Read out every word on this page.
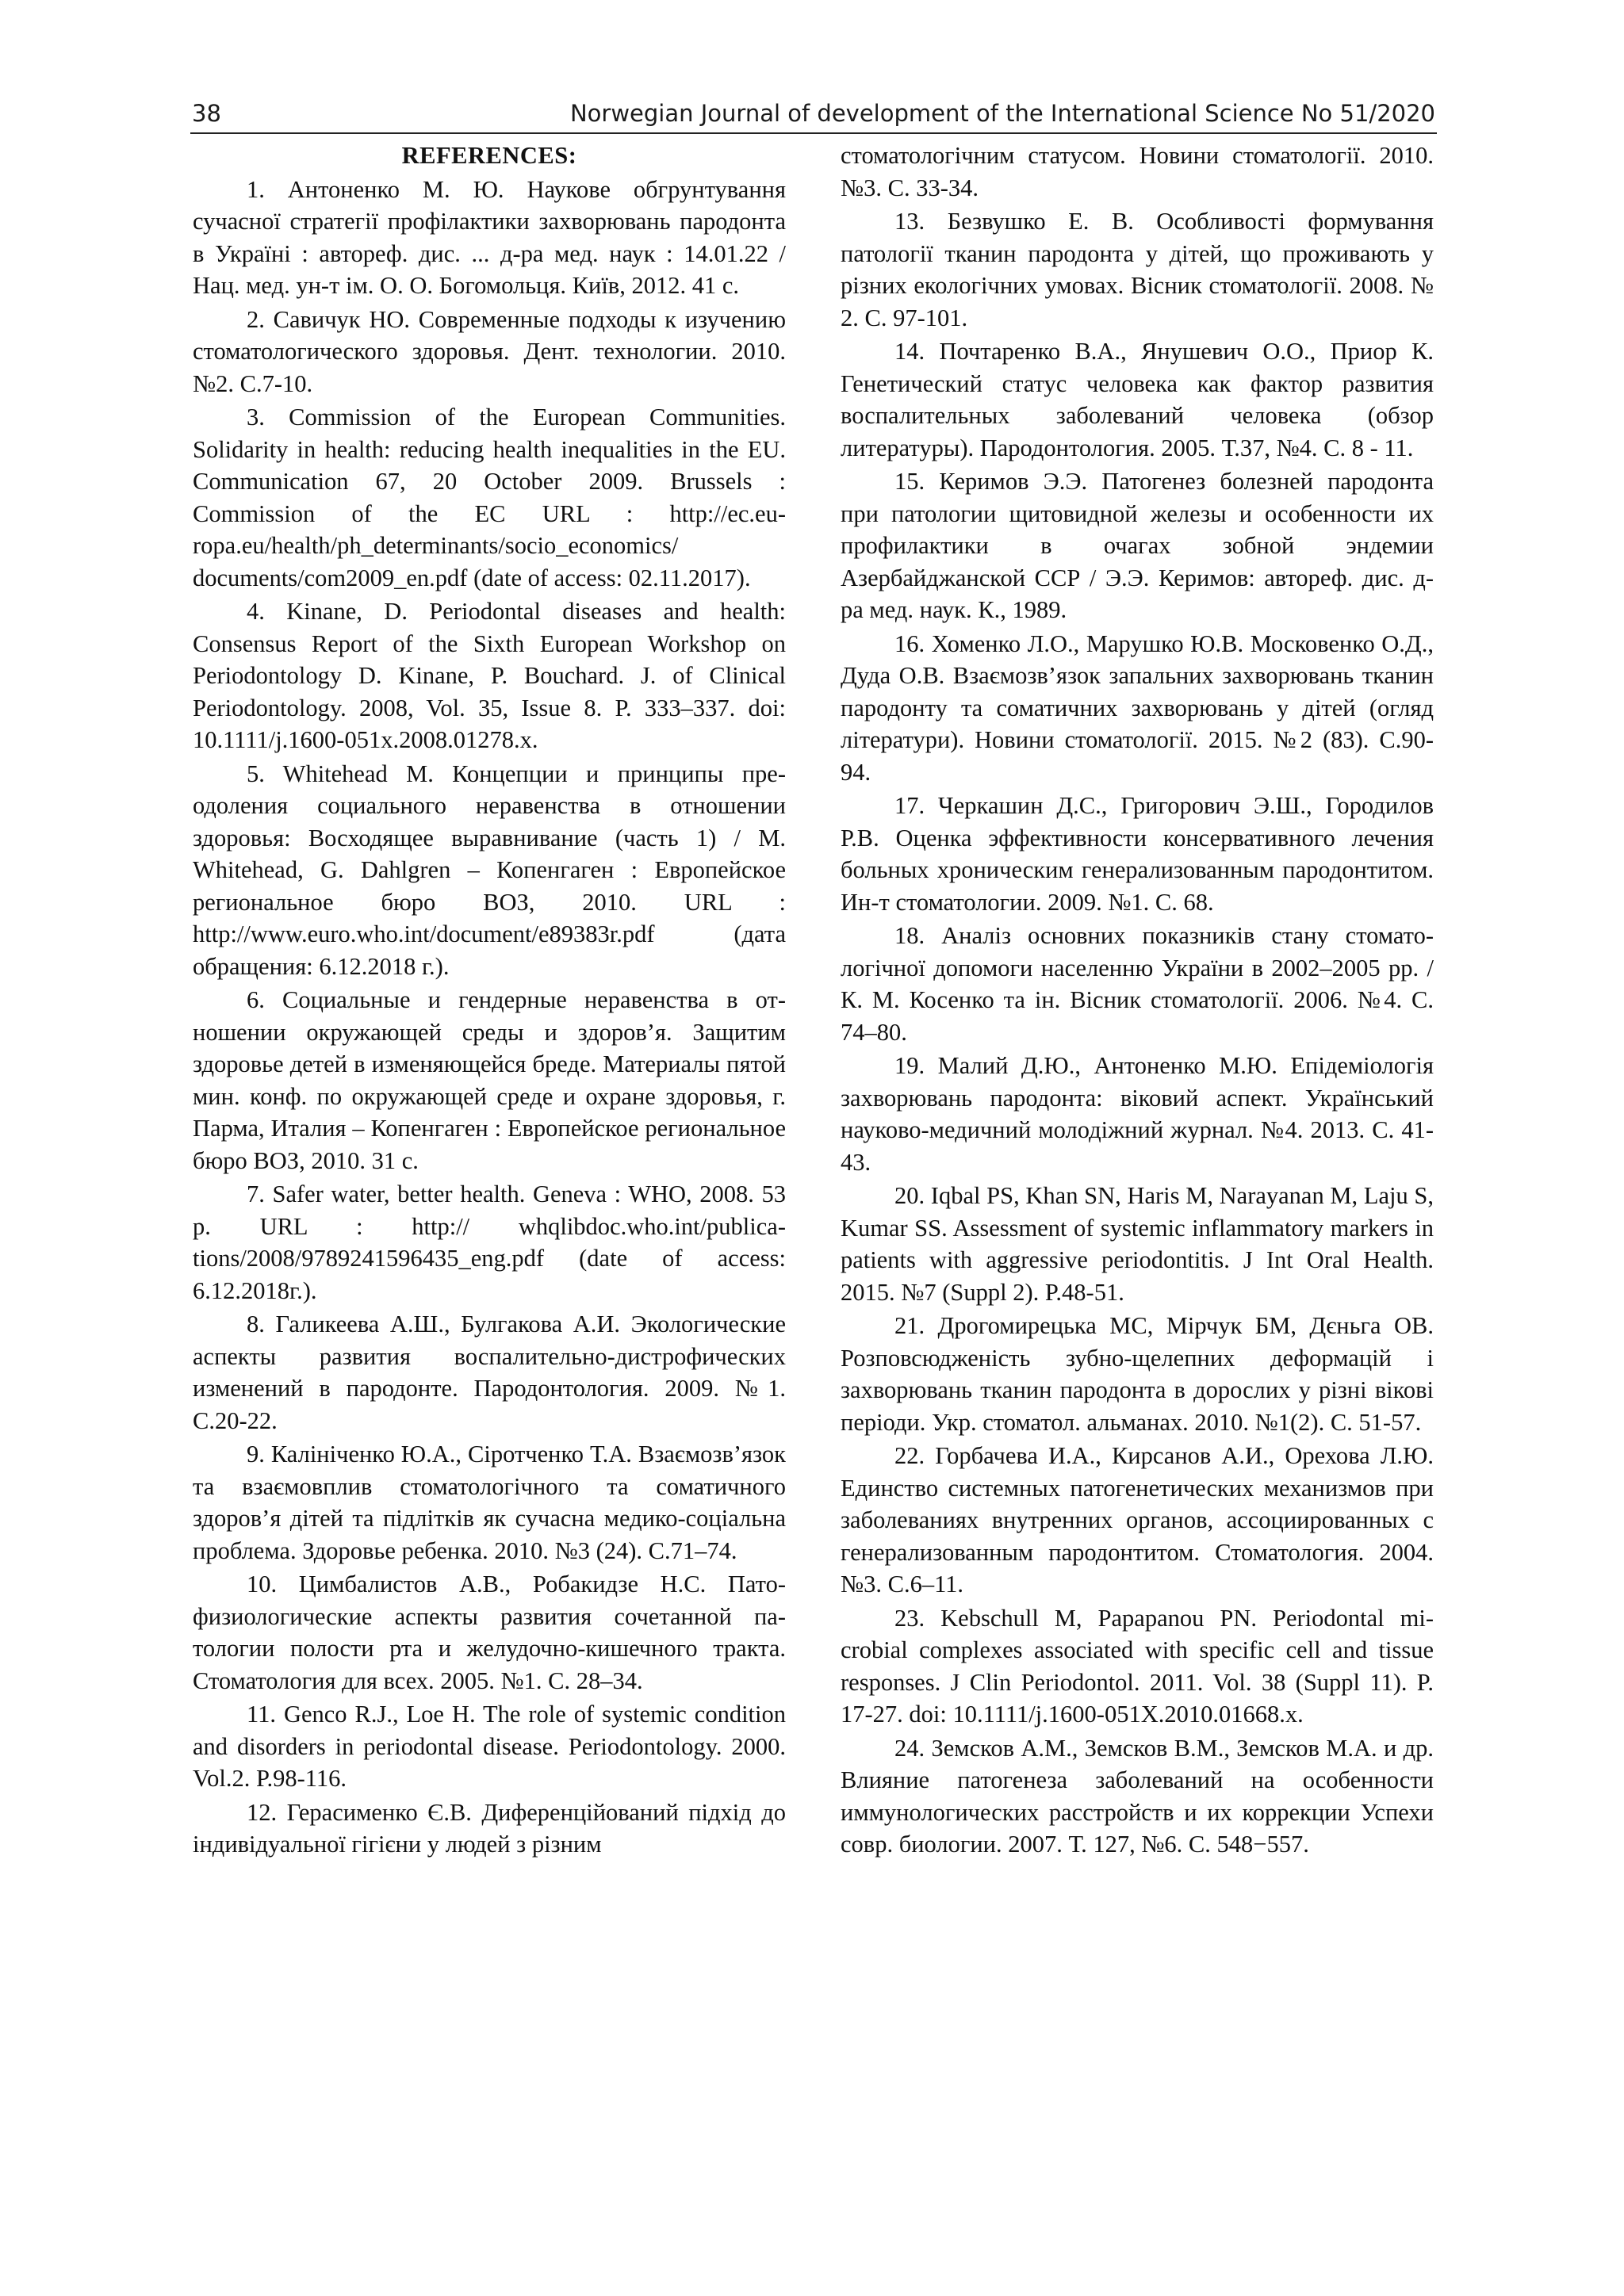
38	Norwegian Journal of development of the International Science No 51/2020
REFERENCES:

1. Антоненко М. Ю. Наукове обгрунтування сучасної стратегії профілактики захворювань пародонта в Україні : автореф. дис. ... д-ра мед. наук : 14.01.22 / Нац. мед. ун-т ім. О. О. Богомольця. Київ, 2012. 41 с.

2. Савичук НО. Современные подходы к изучению стоматологического здоровья. Дент. технологии. 2010. №2. С.7-10.

3. Commission of the European Communities. Solidarity in health: reducing health inequalities in the EU. Communication 67, 20 October 2009. Brussels : Commission of the EC URL : http://ec.europa.eu/health/ph_determinants/socio_economics/ documents/com2009_en.pdf (date of access: 02.11.2017).

4. Kinane, D. Periodontal diseases and health: Consensus Report of the Sixth European Workshop on Periodontology D. Kinane, P. Bouchard. J. of Clinical Periodontology. 2008, Vol. 35, Issue 8. P. 333–337. doi: 10.1111/j.1600-051x.2008.01278.x.

5. Whitehead M. Концепции и принципы преодоления социального неравенства в отношении здоровья: Восходящее выравнивание (часть 1) / M. Whitehead, G. Dahlgren – Копенгаген : Европейское региональное бюро ВОЗ, 2010. URL : http://www.euro.who.int/document/e89383r.pdf (дата обращения: 6.12.2018 г.).

6. Социальные и гендерные неравенства в отношении окружающей среды и здоров’я. Защитим здоровье детей в изменяющейся бреде. Материалы пятой мин. конф. по окружающей среде и охране здоровья, г. Парма, Италия – Копенгаген : Европейское региональное бюро ВОЗ, 2010. 31 с.

7. Safer water, better health. Geneva : WHO, 2008. 53 p. URL : http:// whqlibdoc.who.int/publications/2008/9789241596435_eng.pdf (date of access: 6.12.2018г.).

8. Галикеева А.Ш., Булгакова А.И. Экологические аспекты развития воспалительно-дистрофических изменений в пародонте. Пародонтология. 2009. №1. С.20-22.

9. Калініченко Ю.А., Сіротченко Т.А. Взаємозв’язок та взаємовплив стоматологічного та соматичного здоров’я дітей та підлітків як сучасна медико-соціальна проблема. Здоровье ребенка. 2010. №3 (24). С.71–74.

10. Цимбалистов А.В., Робакидзе Н.С. Патофизиологические аспекты развития сочетанной патологии полости рта и желудочно-кишечного тракта. Стоматология для всех. 2005. №1. С. 28–34.

11. Genco R.J., Loe H. The role of systemic condition and disorders in periodontal disease. Periodontology. 2000. Vol.2. P.98-116.

12. Герасименко Є.В. Диференційований підхід до індивідуальної гігієни у людей з різним

стоматологічним статусом. Новини стоматології. 2010. №3. С. 33-34.

13. Безвушко Е. В. Особливості формування патології тканин пародонта у дітей, що проживають у різних екологічних умовах. Вісник стоматології. 2008. № 2. С. 97-101.

14. Почтаренко В.А., Янушевич О.О., Приор К. Генетический статус человека как фактор развития воспалительных заболеваний человека (обзор литературы). Пародонтология. 2005. Т.37, №4. С. 8 - 11.

15. Керимов Э.Э. Патогенез болезней пародонта при патологии щитовидной железы и особенности их профилактики в очагах зобной эндемии Азербайджанской ССР / Э.Э. Керимов: автореф. дис. д-ра мед. наук. К., 1989.

16. Хоменко Л.О., Марушко Ю.В. Московенко О.Д., Дуда О.В. Взаємозв’язок запальних захворювань тканин пародонту та соматичних захворювань у дітей (огляд літератури). Новини стоматології. 2015. №2 (83). С.90-94.

17. Черкашин Д.С., Григорович Э.Ш., Городилов Р.В. Оценка эффективности консервативного лечения больных хроническим генерализованным пародонтитом. Ин-т стоматологии. 2009. №1. С. 68.

18. Аналіз основних показників стану стоматологічної допомоги населенню України в 2002–2005 рр. / К. М. Косенко та ін. Вісник стоматології. 2006. №4. С. 74–80.

19. Малий Д.Ю., Антоненко М.Ю. Епідеміологія захворювань пародонта: віковий аспект. Український науково-медичний молодіжний журнал. №4. 2013. С. 41-43.

20. Iqbal PS, Khan SN, Haris M, Narayanan M, Laju S, Kumar SS. Assessment of systemic inflammatory markers in patients with aggressive periodontitis. J Int Oral Health. 2015. №7 (Suppl 2). P.48-51.

21. Дрогомирецька МС, Мірчук БМ, Дєньга ОВ. Розповсюдженість зубно-щелепних деформацій і захворювань тканин пародонта в дорослих у різні вікові періоди. Укр. стоматол. альманах. 2010. №1(2). С. 51-57.

22. Горбачева И.А., Кирсанов А.И., Орехова Л.Ю. Единство системных патогенетических механизмов при заболеваниях внутренних органов, ассоциированных с генерализованным пародонтитом. Стоматология. 2004. №3. С.6–11.

23. Kebschull M, Papapanou PN. Periodontal microbial complexes associated with specific cell and tissue responses. J Clin Periodontol. 2011. Vol. 38 (Suppl 11). P. 17-27. doi: 10.1111/j.1600-051X.2010.01668.x.

24. Земсков А.М., Земсков В.М., Земсков М.А. и др. Влияние патогенеза заболеваний на особенности иммунологических расстройств и их коррекции Успехи совр. биологии. 2007. Т. 127, №6. С. 548−557.
